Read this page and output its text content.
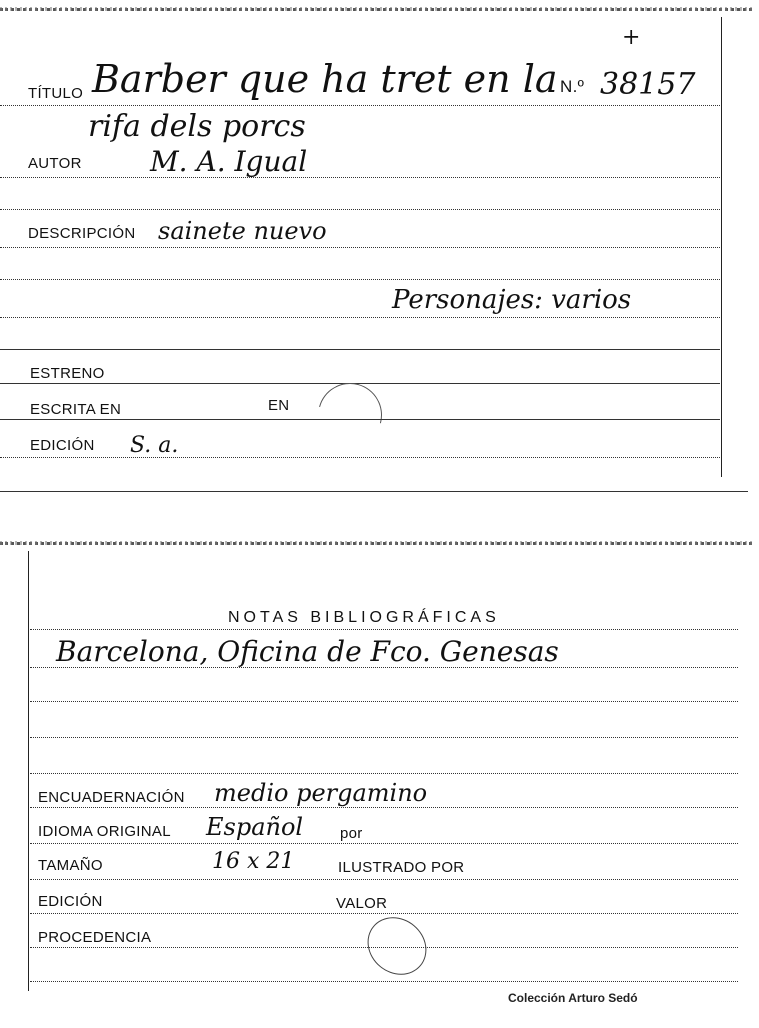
+
TÍTULO Barber que ha tret en la N.º 38157
rifa dels porcs
AUTOR M. A. Igual
DESCRIPCIÓN sainete nuevo
Personajes: varios
ESTRENO
ESCRITA EN	EN
EDICIÓN S. a.
NOTAS BIBLIOGRÁFICAS
Barcelona, Oficina de Fco. Genesas
ENCUADERNACIÓN medio pergamino
IDIOMA ORIGINAL Español por
TAMAÑO	16 x 21	ILUSTRADO POR
EDICIÓN	VALOR
PROCEDENCIA
Colección Arturo Sedó
